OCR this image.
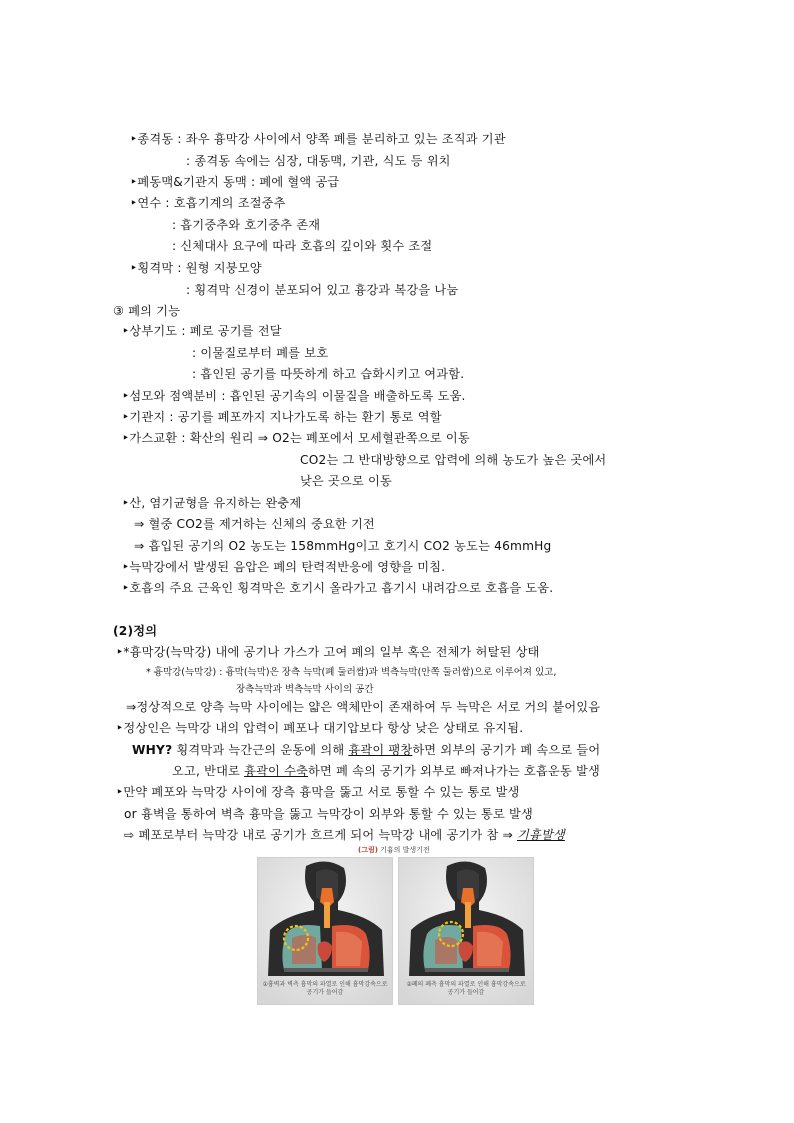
‣종격동 : 좌우 흉막강 사이에서 양쪽 폐를 분리하고 있는 조직과 기관
: 종격동 속에는 심장, 대동맥, 기관, 식도 등 위치
‣폐동맥&기관지 동맥 : 폐에 혈액 공급
‣연수 : 호흡기계의 조절중추
: 흡기중추와 호기중추 존재
: 신체대사 요구에 따라 호흡의 깊이와 횟수 조절
‣횡격막 : 원형 지붕모양
: 횡격막 신경이 분포되어 있고 흉강과 복강을 나눔
③ 폐의 기능
‣상부기도 : 폐로 공기를 전달
: 이물질로부터 폐를 보호
: 흡인된 공기를 따뜻하게 하고 습화시키고 여과함.
‣섬모와 점액분비 : 흡인된 공기속의 이물질을 배출하도록 도움.
‣기관지 : 공기를 폐포까지 지나가도록 하는 환기 통로 역할
‣가스교환 : 확산의 원리 ⇒ O2는 폐포에서 모세혈관쪽으로 이동
CO2는 그 반대방향으로 압력에 의해 농도가 높은 곳에서
낮은 곳으로 이동
‣산, 염기균형을 유지하는 완충제
⇒ 혈중 CO2를 제거하는 신체의 중요한 기전
⇒ 흡입된 공기의 O2 농도는 158mmHg이고 호기시 CO2 농도는 46mmHg
‣늑막강에서 발생된 음압은 폐의 탄력적반응에 영향을 미침.
‣호흡의 주요 근육인 횡격막은 호기시 올라가고 흡기시 내려감으로 호흡을 도움.
(2)정의
‣*흉막강(늑막강) 내에 공기나 가스가 고여 폐의 일부 혹은 전체가 허탈된 상태
* 흉막강(늑막강) : 흉막(늑막)은 장측 늑막(폐 둘러쌈)과 벽측늑막(안쪽 둘러쌈)으로 이루어져 있고,
장측늑막과 벽측늑막 사이의 공간
⇒정상적으로 양측 늑막 사이에는 얇은 액체만이 존재하여 두 늑막은 서로 거의 붙어있음
‣정상인은 늑막강 내의 압력이 폐포나 대기압보다 항상 낮은 상태로 유지됨.
WHY? 횡격막과 늑간근의 운동에 의해 흉곽이 팽창하면 외부의 공기가 폐 속으로 들어
오고, 반대로 흉곽이 수축하면 폐 속의 공기가 외부로 빠져나가는 호흡운동 발생
‣만약 폐포와 늑막강 사이에 장측 흉막을 뚫고 서로 통할 수 있는 통로 발생
or 흉벽을 통하여 벽측 흉막을 뚫고 늑막강이 외부와 통할 수 있는 통로 발생
⇨ 폐포로부터 늑막강 내로 공기가 흐르게 되어 늑막강 내에 공기가 참 ⇒ 기흉발생
(그림) 기흉의 발생기전
①흉벽과 벽측 흉막의 파열로 인해 흉막강속으로 공기가 들어감
②폐의 폐측 흉막의 파열로 인해 흉막강속으로 공기가 들어감
